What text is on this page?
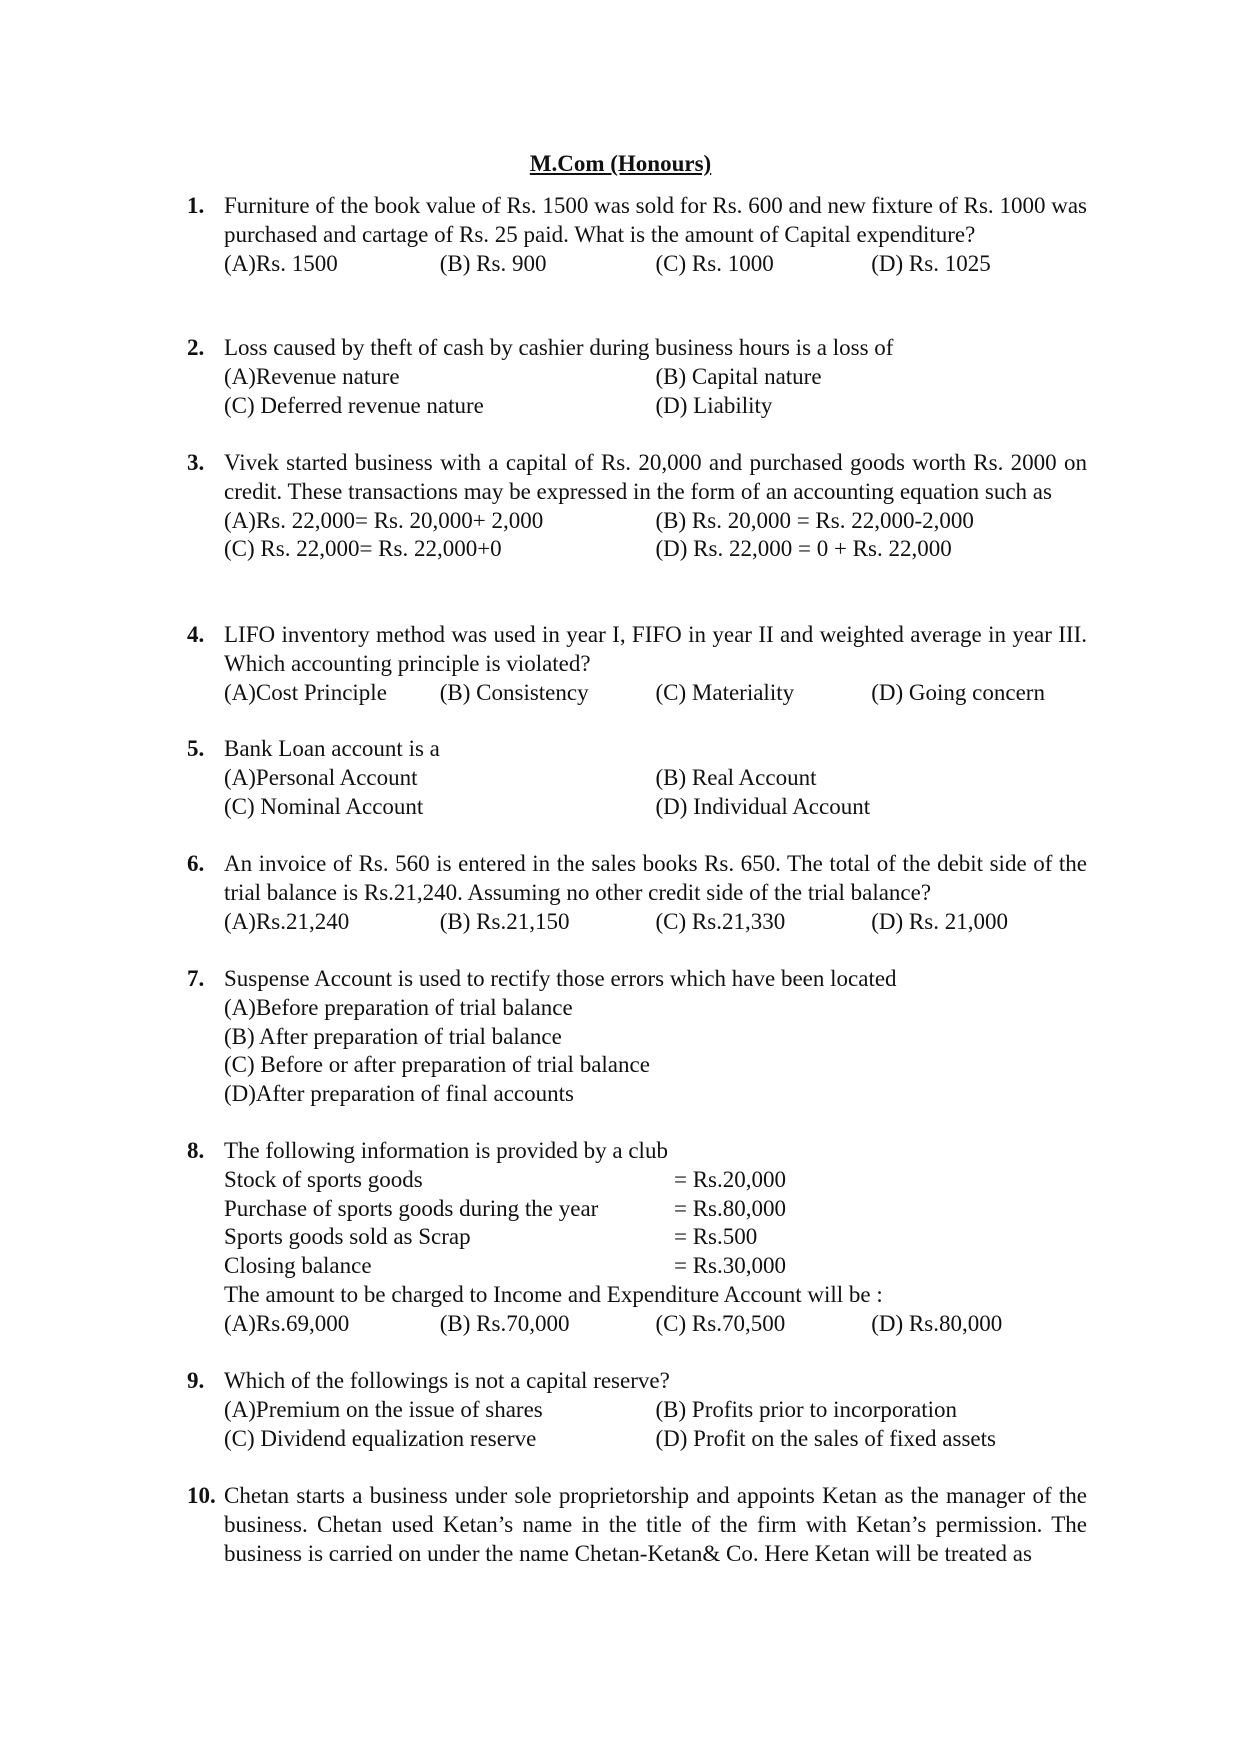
M.Com (Honours)
1. Furniture of the book value of Rs. 1500 was sold for Rs. 600 and new fixture of Rs. 1000 was purchased and cartage of Rs. 25 paid. What is the amount of Capital expenditure?
(A)Rs. 1500	(B) Rs. 900	(C) Rs. 1000	(D) Rs. 1025
2. Loss caused by theft of cash by cashier during business hours is a loss of
(A)Revenue nature	(B) Capital nature
(C) Deferred revenue nature	(D) Liability
3. Vivek started business with a capital of Rs. 20,000 and purchased goods worth Rs. 2000 on credit. These transactions may be expressed in the form of an accounting equation such as
(A)Rs. 22,000= Rs. 20,000+ 2,000	(B) Rs. 20,000 = Rs. 22,000-2,000
(C) Rs. 22,000= Rs. 22,000+0	(D) Rs. 22,000 = 0 + Rs. 22,000
4. LIFO inventory method was used in year I, FIFO in year II and weighted average in year III. Which accounting principle is violated?
(A)Cost Principle	(B) Consistency	(C) Materiality	(D) Going concern
5. Bank Loan account is a
(A)Personal Account	(B) Real Account
(C) Nominal Account	(D) Individual Account
6. An invoice of Rs. 560 is entered in the sales books Rs. 650. The total of the debit side of the trial balance is Rs.21,240. Assuming no other credit side of the trial balance?
(A)Rs.21,240	(B) Rs.21,150	(C) Rs.21,330	(D) Rs. 21,000
7. Suspense Account is used to rectify those errors which have been located
(A)Before preparation of trial balance
(B) After preparation of trial balance
(C) Before or after preparation of trial balance
(D)After preparation of final accounts
8. The following information is provided by a club
Stock of sports goods	= Rs.20,000
Purchase of sports goods during the year	= Rs.80,000
Sports goods sold as Scrap	= Rs.500
Closing balance	= Rs.30,000
The amount to be charged to Income and Expenditure Account will be :
(A)Rs.69,000	(B) Rs.70,000	(C) Rs.70,500	(D) Rs.80,000
9. Which of the followings is not a capital reserve?
(A)Premium on the issue of shares	(B) Profits prior to incorporation
(C) Dividend equalization reserve	(D) Profit on the sales of fixed assets
10. Chetan starts a business under sole proprietorship and appoints Ketan as the manager of the business. Chetan used Ketan’s name in the title of the firm with Ketan’s permission. The business is carried on under the name Chetan-Ketan& Co. Here Ketan will be treated as
